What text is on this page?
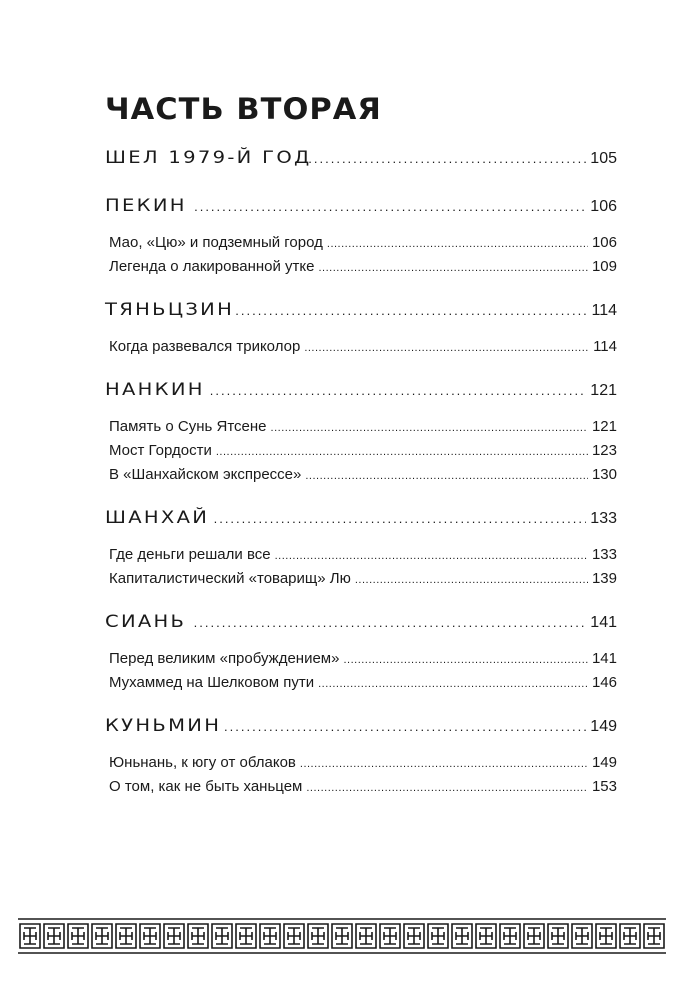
ЧАСТЬ ВТОРАЯ
ШЕЛ 1979-Й ГОД .....	105
ПЕКИН .....	106
Мао, «Цю» и подземный город .....	106
Легенда о лакированной утке .....	109
ТЯНЬЦЗИН .....	114
Когда развевался триколор .....	114
НАНКИН .....	121
Память о Сунь Ятсене .....	121
Мост Гордости .....	123
В «Шанхайском экспрессе» .....	130
ШАНХАЙ .....	133
Где деньги решали все .....	133
Капиталистический «товарищ» Лю .....	139
СИАНЬ .....	141
Перед великим «пробуждением» .....	141
Мухаммед на Шелковом пути .....	146
КУНЬМИН .....	149
Юньнань, к югу от облаков .....	149
О том, как не быть ханьцем .....	153
